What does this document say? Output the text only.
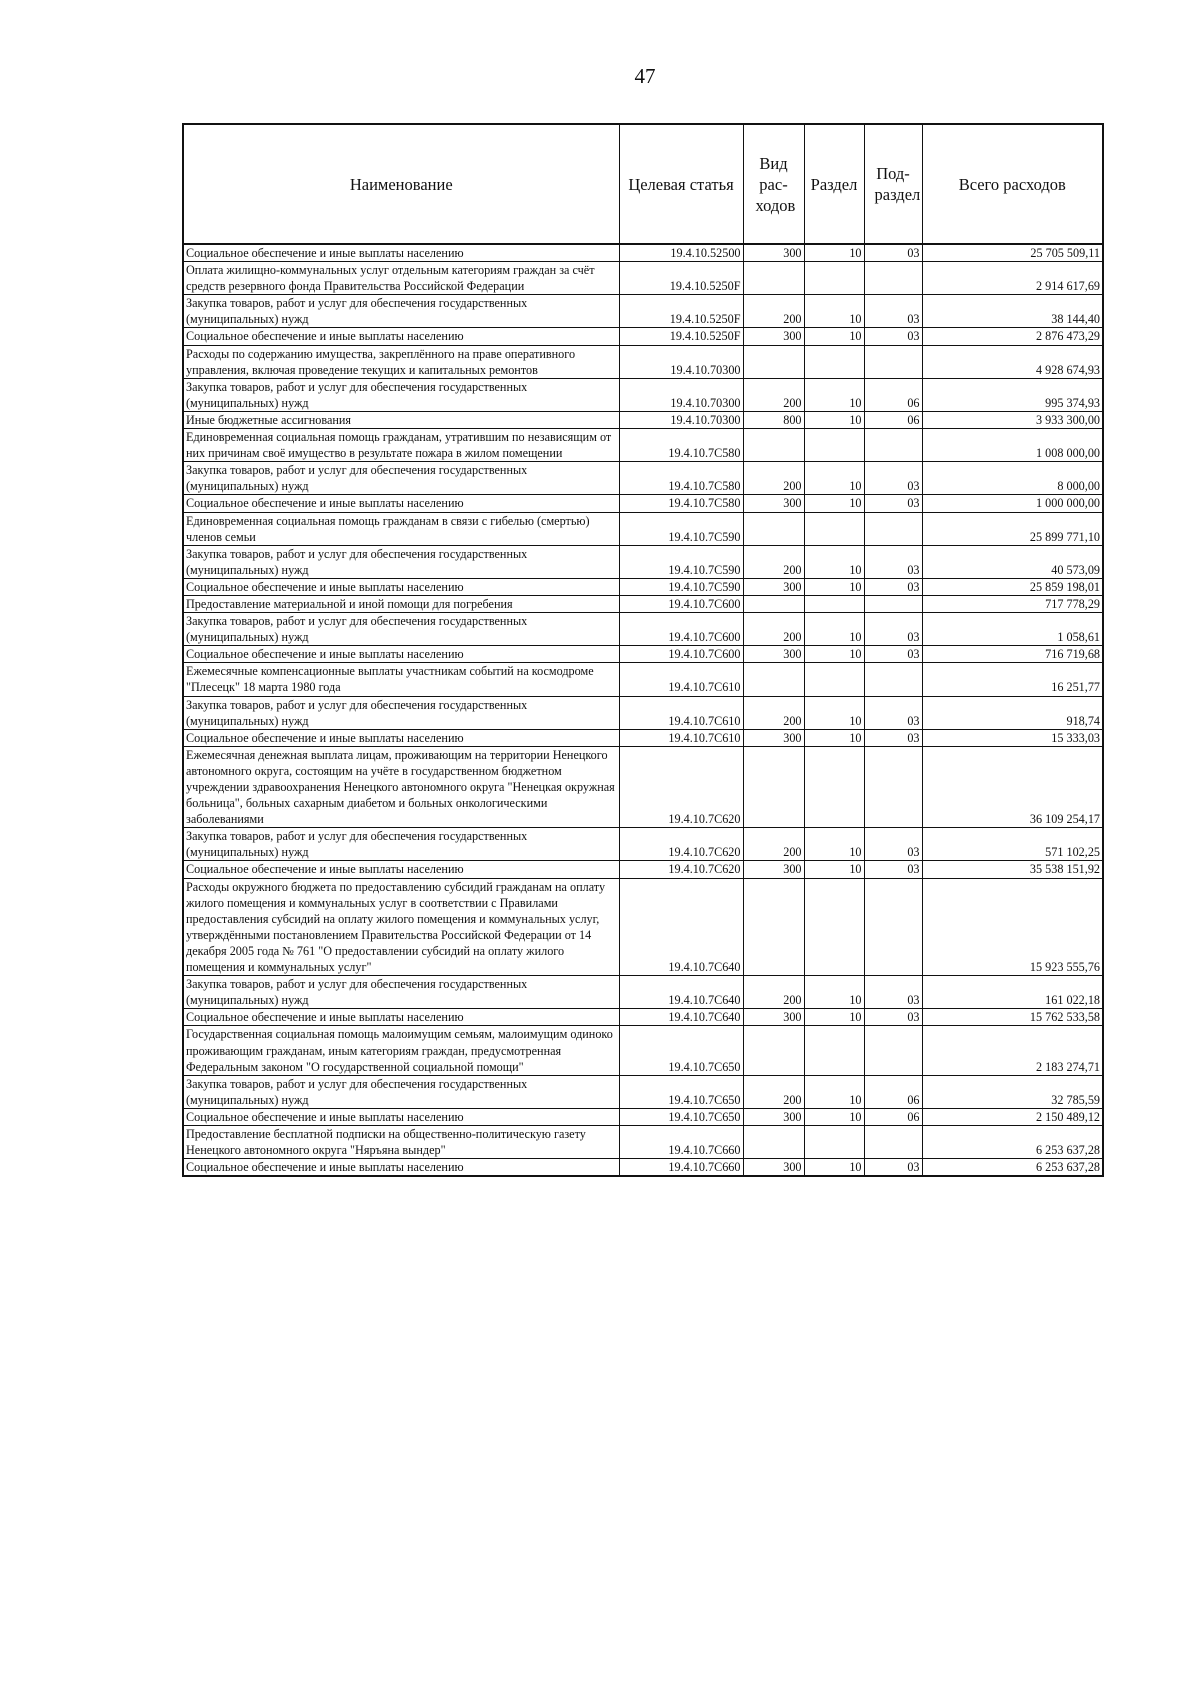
47
Наименование	Целевая статья	Вид рас- ходов	Раздел	Под- раздел	Всего расходов
Социальное обеспечение и иные выплаты населению	19.4.10.52500	300	10	03	25 705 509,11
Оплата жилищно-коммунальных услуг отдельным категориям граждан за счёт средств резервного фонда Правительства Российской Федерации	19.4.10.5250F				2 914 617,69
Закупка товаров, работ и услуг для обеспечения государственных (муниципальных) нужд	19.4.10.5250F	200	10	03	38 144,40
Социальное обеспечение и иные выплаты населению	19.4.10.5250F	300	10	03	2 876 473,29
Расходы по содержанию имущества, закреплённого на праве оперативного управления, включая проведение текущих и капитальных ремонтов	19.4.10.70300				4 928 674,93
Закупка товаров, работ и услуг для обеспечения государственных (муниципальных) нужд	19.4.10.70300	200	10	06	995 374,93
Иные бюджетные ассигнования	19.4.10.70300	800	10	06	3 933 300,00
Единовременная социальная помощь гражданам, утратившим по независящим от них причинам своё имущество в результате пожара в жилом помещении	19.4.10.7С580				1 008 000,00
Закупка товаров, работ и услуг для обеспечения государственных (муниципальных) нужд	19.4.10.7С580	200	10	03	8 000,00
Социальное обеспечение и иные выплаты населению	19.4.10.7С580	300	10	03	1 000 000,00
Единовременная социальная помощь гражданам в связи с гибелью (смертью) членов семьи	19.4.10.7С590				25 899 771,10
Закупка товаров, работ и услуг для обеспечения государственных (муниципальных) нужд	19.4.10.7С590	200	10	03	40 573,09
Социальное обеспечение и иные выплаты населению	19.4.10.7С590	300	10	03	25 859 198,01
Предоставление материальной и иной помощи для погребения	19.4.10.7С600				717 778,29
Закупка товаров, работ и услуг для обеспечения государственных (муниципальных) нужд	19.4.10.7С600	200	10	03	1 058,61
Социальное обеспечение и иные выплаты населению	19.4.10.7С600	300	10	03	716 719,68
Ежемесячные компенсационные выплаты участникам событий на космодроме "Плесецк" 18 марта 1980 года	19.4.10.7С610				16 251,77
Закупка товаров, работ и услуг для обеспечения государственных (муниципальных) нужд	19.4.10.7С610	200	10	03	918,74
Социальное обеспечение и иные выплаты населению	19.4.10.7С610	300	10	03	15 333,03
Ежемесячная денежная выплата лицам, проживающим на территории Ненецкого автономного округа, состоящим на учёте в государственном бюджетном учреждении здравоохранения Ненецкого автономного округа "Ненецкая окружная больница", больных сахарным диабетом и больных онкологическими заболеваниями	19.4.10.7С620				36 109 254,17
Закупка товаров, работ и услуг для обеспечения государственных (муниципальных) нужд	19.4.10.7С620	200	10	03	571 102,25
Социальное обеспечение и иные выплаты населению	19.4.10.7С620	300	10	03	35 538 151,92
Расходы окружного бюджета по предоставлению субсидий гражданам на оплату жилого помещения и коммунальных услуг в соответствии с Правилами предоставления субсидий на оплату жилого помещения и коммунальных услуг, утверждёнными постановлением Правительства Российской Федерации от 14 декабря 2005 года № 761 "О предоставлении субсидий на оплату жилого помещения и коммунальных услуг"	19.4.10.7С640				15 923 555,76
Закупка товаров, работ и услуг для обеспечения государственных (муниципальных) нужд	19.4.10.7С640	200	10	03	161 022,18
Социальное обеспечение и иные выплаты населению	19.4.10.7С640	300	10	03	15 762 533,58
Государственная социальная помощь малоимущим семьям, малоимущим одиноко проживающим гражданам, иным категориям граждан, предусмотренная Федеральным законом "О государственной социальной помощи"	19.4.10.7С650				2 183 274,71
Закупка товаров, работ и услуг для обеспечения государственных (муниципальных) нужд	19.4.10.7С650	200	10	06	32 785,59
Социальное обеспечение и иные выплаты населению	19.4.10.7С650	300	10	06	2 150 489,12
Предоставление бесплатной подписки на общественно-политическую газету Ненецкого автономного округа "Няръяна вындер"	19.4.10.7С660				6 253 637,28
Социальное обеспечение и иные выплаты населению	19.4.10.7С660	300	10	03	6 253 637,28
